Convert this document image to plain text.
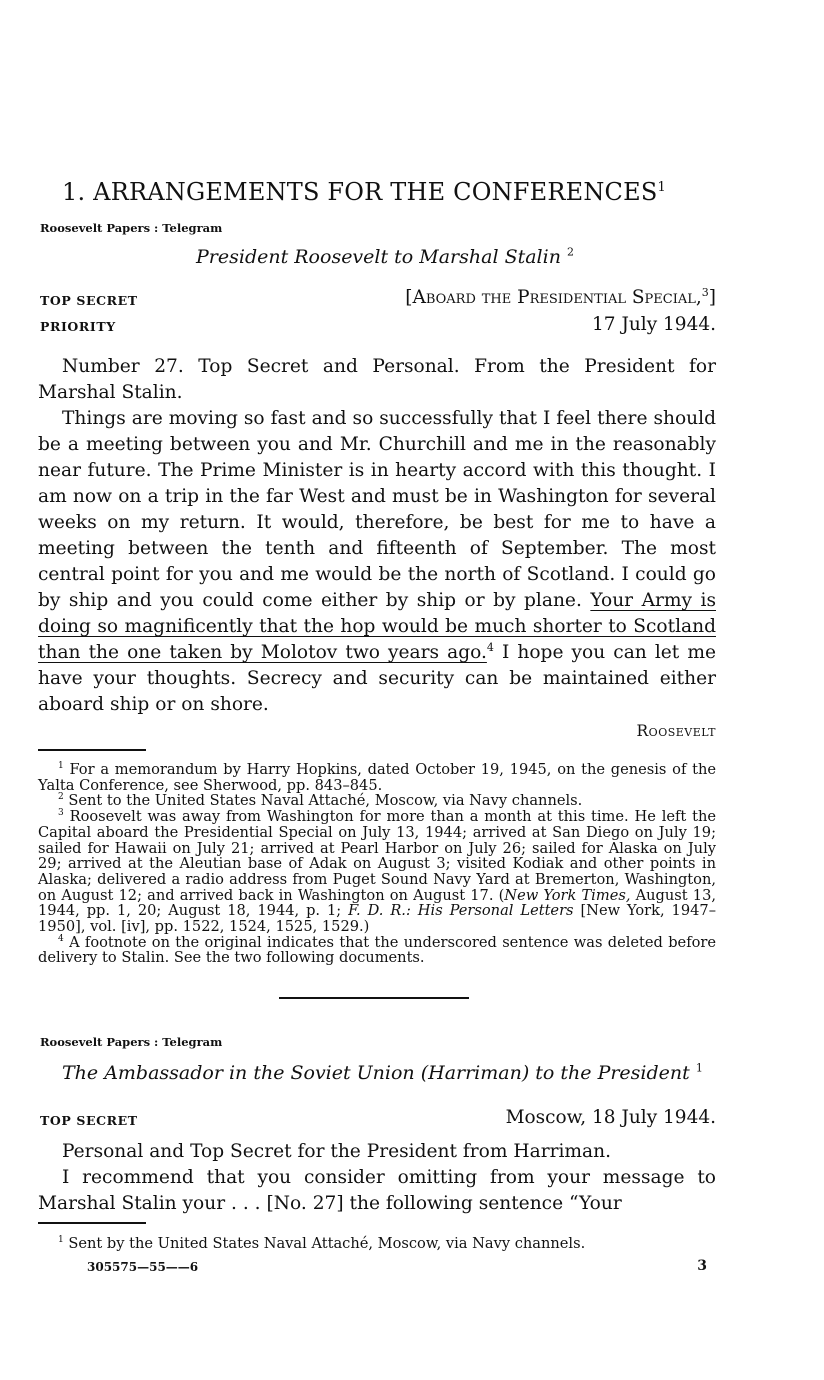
1. ARRANGEMENTS FOR THE CONFERENCES$^1$
Roosevelt Papers : Telegram
President Roosevelt to Marshal Stalin $^2$
TOP SECRET
PRIORITY
[Aboard the Presidential Special,$^3$]
17 July 1944.

Number 27. Top Secret and Personal. From the President for Marshal Stalin.

Things are moving so fast and so successfully that I feel there should be a meeting between you and Mr. Churchill and me in the reasonably near future. The Prime Minister is in hearty accord with this thought. I am now on a trip in the far West and must be in Washington for several weeks on my return. It would, therefore, be best for me to have a meeting between the tenth and fifteenth of September. The most central point for you and me would be the north of Scotland. I could go by ship and you could come either by ship or by plane. Your Army is doing so magnificently that the hop would be much shorter to Scotland than the one taken by Molotov two years ago.$^4$ I hope you can let me have your thoughts. Secrecy and security can be maintained either aboard ship or on shore.

Roosevelt

$^1$ For a memorandum by Harry Hopkins, dated October 19, 1945, on the genesis of the Yalta Conference, see Sherwood, pp. 843–845.

$^2$ Sent to the United States Naval Attaché, Moscow, via Navy channels.

$^3$ Roosevelt was away from Washington for more than a month at this time. He left the Capital aboard the Presidential Special on July 13, 1944; arrived at San Diego on July 19; sailed for Hawaii on July 21; arrived at Pearl Harbor on July 26; sailed for Alaska on July 29; arrived at the Aleutian base of Adak on August 3; visited Kodiak and other points in Alaska; delivered a radio address from Puget Sound Navy Yard at Bremerton, Washington, on August 12; and arrived back in Washington on August 17. (New York Times, August 13, 1944, pp. 1, 20; August 18, 1944, p. 1; F. D. R.: His Personal Letters [New York, 1947–1950], vol. [iv], pp. 1522, 1524, 1525, 1529.)

$^4$ A footnote on the original indicates that the underscored sentence was deleted before delivery to Stalin. See the two following documents.

Roosevelt Papers : Telegram
The Ambassador in the Soviet Union (Harriman) to the President $^1$
TOP SECRET	Moscow, 18 July 1944.

Personal and Top Secret for the President from Harriman.

I recommend that you consider omitting from your message to Marshal Stalin your . . . [No. 27] the following sentence “Your

$^1$ Sent by the United States Naval Attaché, Moscow, via Navy channels.

305575—55——6	3
